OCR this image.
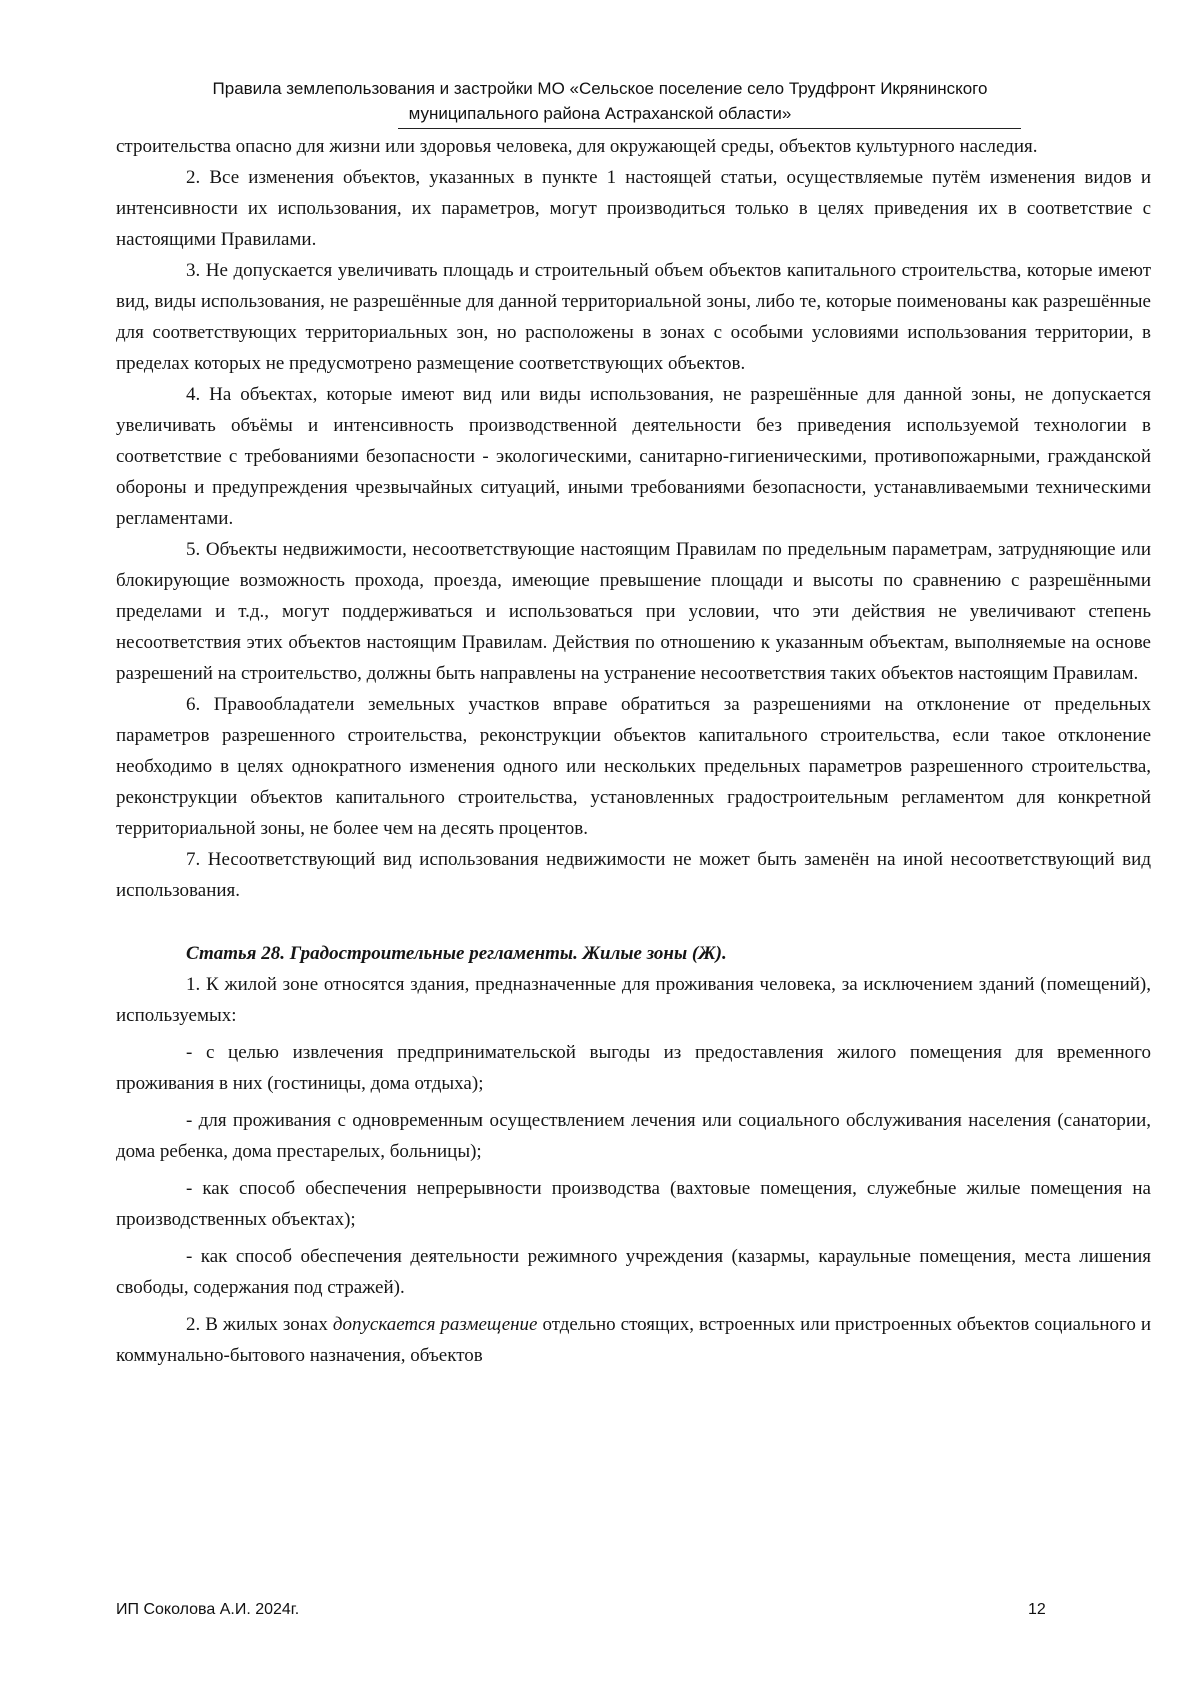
Правила землепользования и застройки МО «Сельское поселение село Трудфронт Икрянинского
муниципального района Астраханской области»

строительства опасно для жизни или здоровья человека, для окружающей среды, объектов культурного наследия.

2. Все изменения объектов, указанных в пункте 1 настоящей статьи, осуществляемые путём изменения видов и интенсивности их использования, их параметров, могут производиться только в целях приведения их в соответствие с настоящими Правилами.

3. Не допускается увеличивать площадь и строительный объем объектов капитального строительства, которые имеют вид, виды использования, не разрешённые для данной территориальной зоны, либо те, которые поименованы как разрешённые для соответствующих территориальных зон, но расположены в зонах с особыми условиями использования территории, в пределах которых не предусмотрено размещение соответствующих объектов.

4. На объектах, которые имеют вид или виды использования, не разрешённые для данной зоны, не допускается увеличивать объёмы и интенсивность производственной деятельности без приведения используемой технологии в соответствие с требованиями безопасности - экологическими, санитарно-гигиеническими, противопожарными, гражданской обороны и предупреждения чрезвычайных ситуаций, иными требованиями безопасности, устанавливаемыми техническими регламентами.

5. Объекты недвижимости, несоответствующие настоящим Правилам по предельным параметрам, затрудняющие или блокирующие возможность прохода, проезда, имеющие превышение площади и высоты по сравнению с разрешёнными пределами и т.д., могут поддерживаться и использоваться при условии, что эти действия не увеличивают степень несоответствия этих объектов настоящим Правилам. Действия по отношению к указанным объектам, выполняемые на основе разрешений на строительство, должны быть направлены на устранение несоответствия таких объектов настоящим Правилам.

6. Правообладатели земельных участков вправе обратиться за разрешениями на отклонение от предельных параметров разрешенного строительства, реконструкции объектов капитального строительства, если такое отклонение необходимо в целях однократного изменения одного или нескольких предельных параметров разрешенного строительства, реконструкции объектов капитального строительства, установленных градостроительным регламентом для конкретной территориальной зоны, не более чем на десять процентов.

7. Несоответствующий вид использования недвижимости не может быть заменён на иной несоответствующий вид использования.

Статья 28. Градостроительные регламенты. Жилые зоны (Ж).

1. К жилой зоне относятся здания, предназначенные для проживания человека, за исключением зданий (помещений), используемых:

- с целью извлечения предпринимательской выгоды из предоставления жилого помещения для временного проживания в них (гостиницы, дома отдыха);

- для проживания с одновременным осуществлением лечения или социального обслуживания населения (санатории, дома ребенка, дома престарелых, больницы);

- как способ обеспечения непрерывности производства (вахтовые помещения, служебные жилые помещения на производственных объектах);

- как способ обеспечения деятельности режимного учреждения (казармы, караульные помещения, места лишения свободы, содержания под стражей).

2. В жилых зонах допускается размещение отдельно стоящих, встроенных или пристроенных объектов социального и коммунально-бытового назначения, объектов

ИП Соколова А.И. 2024г.	12
